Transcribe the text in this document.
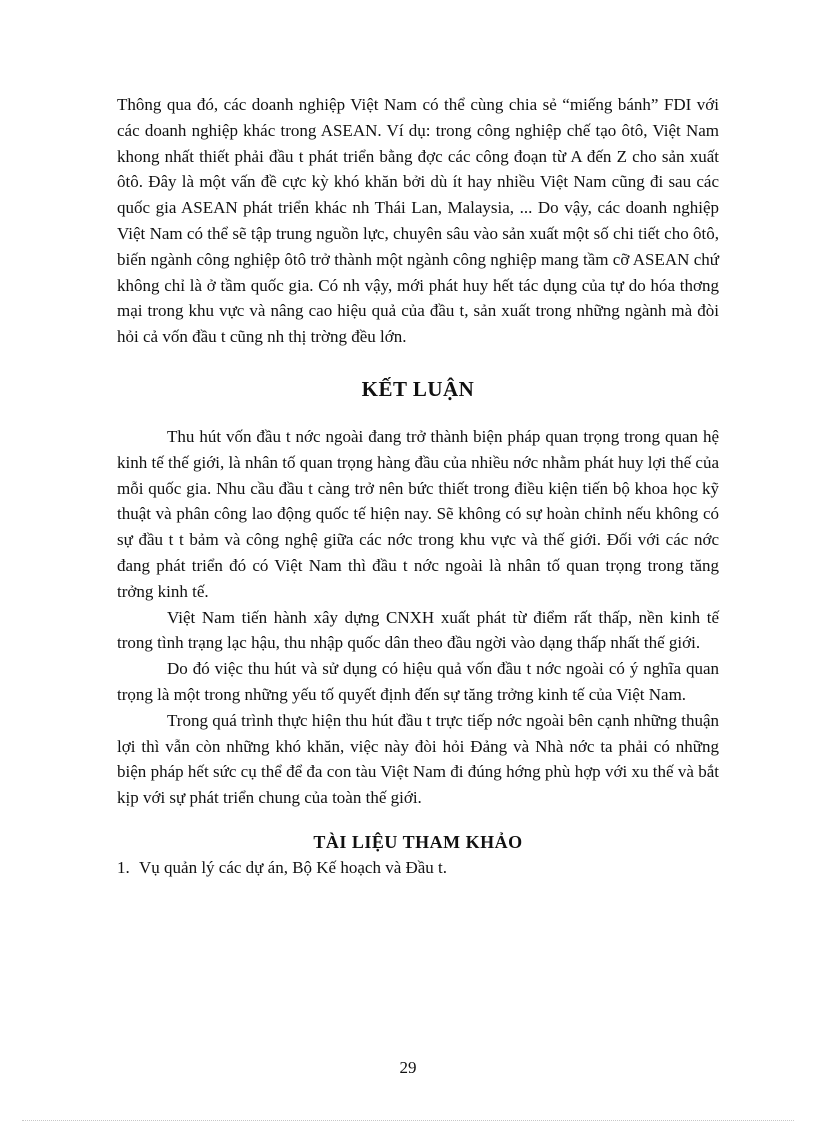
Thông qua đó, các doanh nghiệp Việt Nam có thể cùng chia sẻ “miếng bánh” FDI với các doanh nghiệp khác trong ASEAN. Ví dụ: trong công nghiệp chế tạo ôtô, Việt Nam khong nhất thiết phải đầu t phát triển bằng đợc các công đoạn từ A đến Z cho sản xuất ôtô. Đây là một vấn đề cực kỳ khó khăn bởi dù ít hay nhiều Việt Nam cũng đi sau các quốc gia ASEAN phát triển khác nh Thái Lan, Malaysia, ... Do vậy, các doanh nghiệp Việt Nam có thể sẽ tập trung nguồn lực, chuyên sâu vào sản xuất một số chi tiết cho ôtô, biến ngành công nghiệp ôtô trở thành một ngành công nghiệp mang tầm cỡ ASEAN chứ không chỉ là ở tầm quốc gia. Có nh vậy, mới phát huy hết tác dụng của tự do hóa thơng mại trong khu vực và nâng cao hiệu quả của đầu t, sản xuất trong những ngành mà đòi hỏi cả vốn đầu t cũng nh thị trờng đều lớn.

KẾT LUẬN

Thu hút vốn đầu t nớc ngoài đang trở thành biện pháp quan trọng trong quan hệ kinh tế thế giới, là nhân tố quan trọng hàng đầu của nhiều nớc nhằm phát huy lợi thế của mỗi quốc gia. Nhu cầu đầu t càng trở nên bức thiết trong điều kiện tiến bộ khoa học kỹ thuật và phân công lao động quốc tế hiện nay. Sẽ không có sự hoàn chỉnh nếu không có sự đầu t t bảm và công nghệ giữa các nớc trong khu vực và thế giới. Đối với các nớc đang phát triển đó có Việt Nam thì đầu t nớc ngoài là nhân tố quan trọng trong tăng trởng kinh tế.

Việt Nam tiến hành xây dựng CNXH xuất phát từ điểm rất thấp, nền kinh tế trong tình trạng lạc hậu, thu nhập quốc dân theo đầu ngời vào dạng thấp nhất thế giới.

Do đó việc thu hút và sử dụng có hiệu quả vốn đầu t nớc ngoài có ý nghĩa quan trọng là một trong những yếu tố quyết định đến sự tăng trởng kinh tế của Việt Nam.

Trong quá trình thực hiện thu hút đầu t trực tiếp nớc ngoài bên cạnh những thuận lợi thì vẫn còn những khó khăn, việc này đòi hỏi Đảng và Nhà nớc ta phải có những biện pháp hết sức cụ thể để đa con tàu Việt Nam đi đúng hớng phù hợp với xu thế và bắt kịp với sự phát triển chung của toàn thế giới.

TÀI LIỆU THAM KHẢO
1. Vụ quản lý các dự án, Bộ Kế hoạch và Đầu t.
29
